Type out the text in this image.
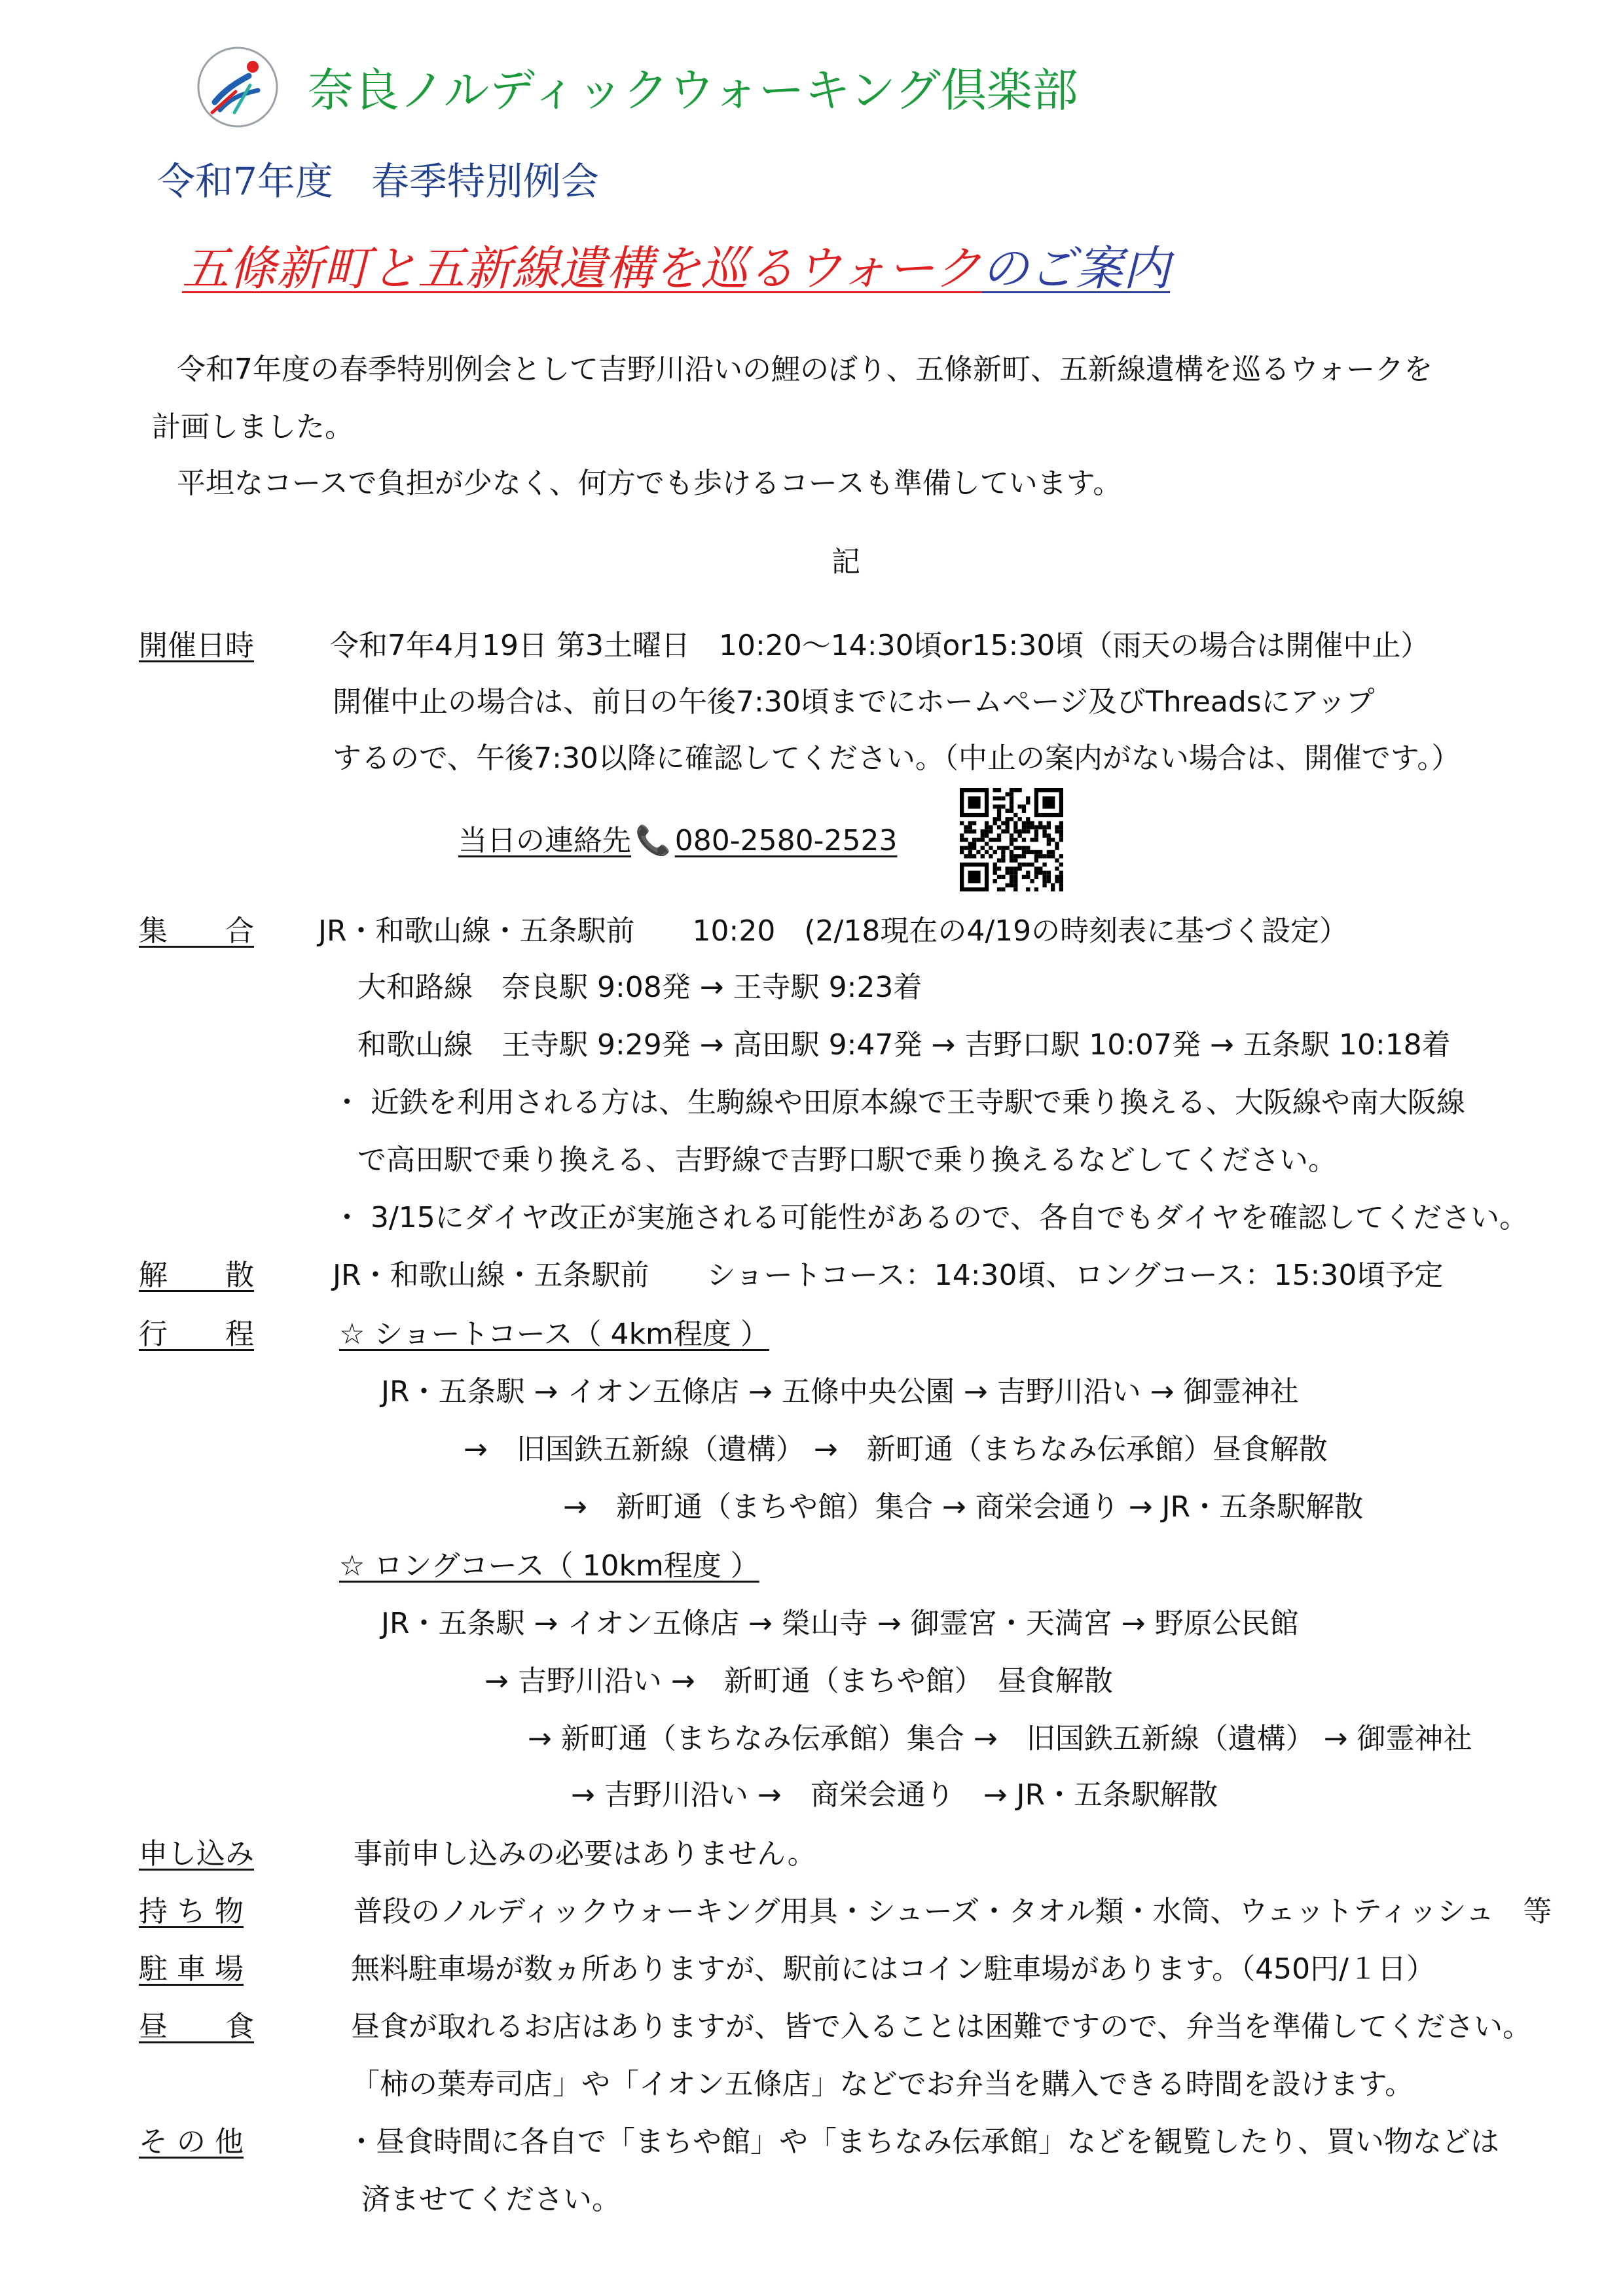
奈良ノルディックウォーキング倶楽部
令和7年度　春季特別例会
五條新町と五新線遺構を巡るウォークのご案内
令和7年度の春季特別例会として吉野川沿いの鯉のぼり、五條新町、五新線遺構を巡るウォークを
計画しました。
平坦なコースで負担が少なく、何方でも歩けるコースも準備しています。
記
開催日時	令和7年4月19日 第3土曜日　10:20～14:30頃or15:30頃（雨天の場合は開催中止）
開催中止の場合は、前日の午後7:30頃までにホームページ及びThreadsにアップ
するので、午後7:30以降に確認してください。（中止の案内がない場合は、開催です。）
当日の連絡先 📞 080-2580-2523
集　　合 JR・和歌山線・五条駅前　　10:20　(2/18現在の4/19の時刻表に基づく設定）
大和路線　奈良駅 9:08発 → 王寺駅 9:23着
和歌山線　王寺駅 9:29発 → 高田駅 9:47発 → 吉野口駅 10:07発 → 五条駅 10:18着
・ 近鉄を利用される方は、生駒線や田原本線で王寺駅で乗り換える、大阪線や南大阪線
で高田駅で乗り換える、吉野線で吉野口駅で乗り換えるなどしてください。
・ 3/15にダイヤ改正が実施される可能性があるので、各自でもダイヤを確認してください。
解　　散	JR・和歌山線・五条駅前　　ショートコース：14:30頃、ロングコース：15:30頃予定
行　　程	☆ ショートコース（ 4km程度 ）
JR・五条駅 → イオン五條店 → 五條中央公園 → 吉野川沿い → 御霊神社
→　旧国鉄五新線（遺構） →　新町通（まちなみ伝承館）昼食解散
→　新町通（まちや館）集合 → 商栄会通り → JR・五条駅解散
☆ ロングコース（ 10km程度 ）
JR・五条駅 → イオン五條店 → 榮山寺 → 御霊宮・天満宮 → 野原公民館
→ 吉野川沿い →　新町通（まちや館）　昼食解散
→ 新町通（まちなみ伝承館）集合 →　旧国鉄五新線（遺構） → 御霊神社
→ 吉野川沿い →　商栄会通り　→ JR・五条駅解散
申し込み	事前申し込みの必要はありません。
持 ち 物	普段のノルディックウォーキング用具・シューズ・タオル類・水筒、ウェットティッシュ　等
駐 車 場	無料駐車場が数ヵ所ありますが、駅前にはコイン駐車場があります。（450円/１日）
昼　　食	昼食が取れるお店はありますが、皆で入ることは困難ですので、弁当を準備してください。
「柿の葉寿司店」や「イオン五條店」などでお弁当を購入できる時間を設けます。
そ の 他	・昼食時間に各自で「まちや館」や「まちなみ伝承館」などを観覧したり、買い物などは
済ませてください。
